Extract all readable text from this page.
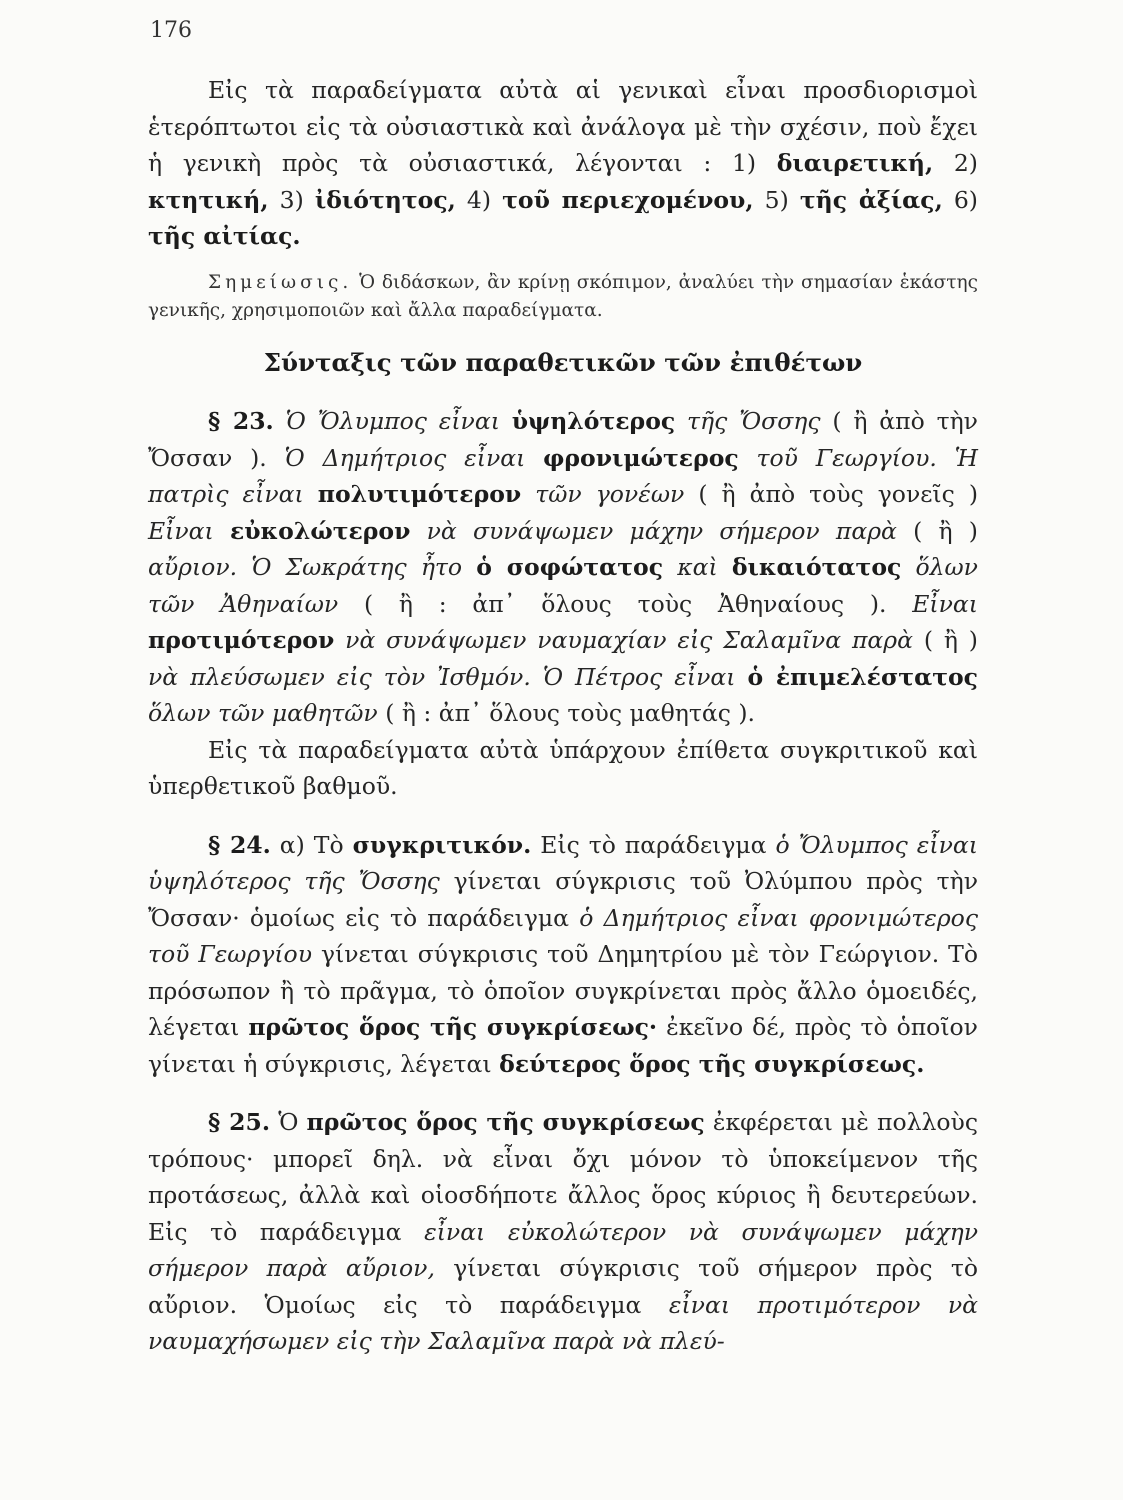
176

Εἰς τὰ παραδείγματα αὐτὰ αἱ γενικαὶ εἶναι προσδιορισμοὶ ἑτερόπτωτοι εἰς τὰ οὐσιαστικὰ καὶ ἀνάλογα μὲ τὴν σχέσιν, ποὺ ἔχει ἡ γενικὴ πρὸς τὰ οὐσιαστικά, λέγονται : 1) διαιρετική, 2) κτητική, 3) ἰδιότητος, 4) τοῦ περιεχομένου, 5) τῆς ἀξίας, 6) τῆς αἰτίας.

Σημείωσις. Ὁ διδάσκων, ἂν κρίνῃ σκόπιμον, ἀναλύει τὴν σημασίαν ἑκάστης γενικῆς, χρησιμοποιῶν καὶ ἄλλα παραδείγματα.

Σύνταξις τῶν παραθετικῶν τῶν ἐπιθέτων

§ 23. Ὁ Ὄλυμπος εἶναι ὑψηλότερος τῆς Ὄσσης ( ἢ ἀπὸ τὴν Ὄσσαν ). Ὁ Δημήτριος εἶναι φρονιμώτερος τοῦ Γεωργίου. Ἡ πατρὶς εἶναι πολυτιμότερον τῶν γονέων ( ἢ ἀπὸ τοὺς γονεῖς ) Εἶναι εὐκολώτερον νὰ συνάψωμεν μάχην σήμερον παρὰ ( ἢ ) αὔριον. Ὁ Σωκράτης ἦτο ὁ σοφώτατος καὶ δικαιότατος ὅλων τῶν Ἀθηναίων ( ἢ : ἀπ᾽ ὅλους τοὺς Ἀθηναίους ). Εἶναι προτιμότερον νὰ συνάψωμεν ναυμαχίαν εἰς Σαλαμῖνα παρὰ ( ἢ ) νὰ πλεύσωμεν εἰς τὸν Ἰσθμόν. Ὁ Πέτρος εἶναι ὁ ἐπιμελέστατος ὅλων τῶν μαθητῶν ( ἢ : ἀπ᾽ ὅλους τοὺς μαθητάς ).

Εἰς τὰ παραδείγματα αὐτὰ ὑπάρχουν ἐπίθετα συγκριτικοῦ καὶ ὑπερθετικοῦ βαθμοῦ.

§ 24. α) Τὸ συγκριτικόν. Εἰς τὸ παράδειγμα ὁ Ὄλυμπος εἶναι ὑψηλότερος τῆς Ὄσσης γίνεται σύγκρισις τοῦ Ὀλύμπου πρὸς τὴν Ὄσσαν· ὁμοίως εἰς τὸ παράδειγμα ὁ Δημήτριος εἶναι φρονιμώτερος τοῦ Γεωργίου γίνεται σύγκρισις τοῦ Δημητρίου μὲ τὸν Γεώργιον. Τὸ πρόσωπον ἢ τὸ πρᾶγμα, τὸ ὁποῖον συγκρίνεται πρὸς ἄλλο ὁμοειδές, λέγεται πρῶτος ὅρος τῆς συγκρίσεως· ἐκεῖνο δέ, πρὸς τὸ ὁποῖον γίνεται ἡ σύγκρισις, λέγεται δεύτερος ὅρος τῆς συγκρίσεως.

§ 25. Ὁ πρῶτος ὅρος τῆς συγκρίσεως ἐκφέρεται μὲ πολλοὺς τρόπους· μπορεῖ δηλ. νὰ εἶναι ὄχι μόνον τὸ ὑποκείμενον τῆς προτάσεως, ἀλλὰ καὶ οἱοσδήποτε ἄλλος ὅρος κύριος ἢ δευτερεύων. Εἰς τὸ παράδειγμα εἶναι εὐκολώτερον νὰ συνάψωμεν μάχην σήμερον παρὰ αὔριον, γίνεται σύγκρισις τοῦ σήμερον πρὸς τὸ αὔριον. Ὁμοίως εἰς τὸ παράδειγμα εἶναι προτιμότερον νὰ ναυμαχήσωμεν εἰς τὴν Σαλαμῖνα παρὰ νὰ πλεύ-
